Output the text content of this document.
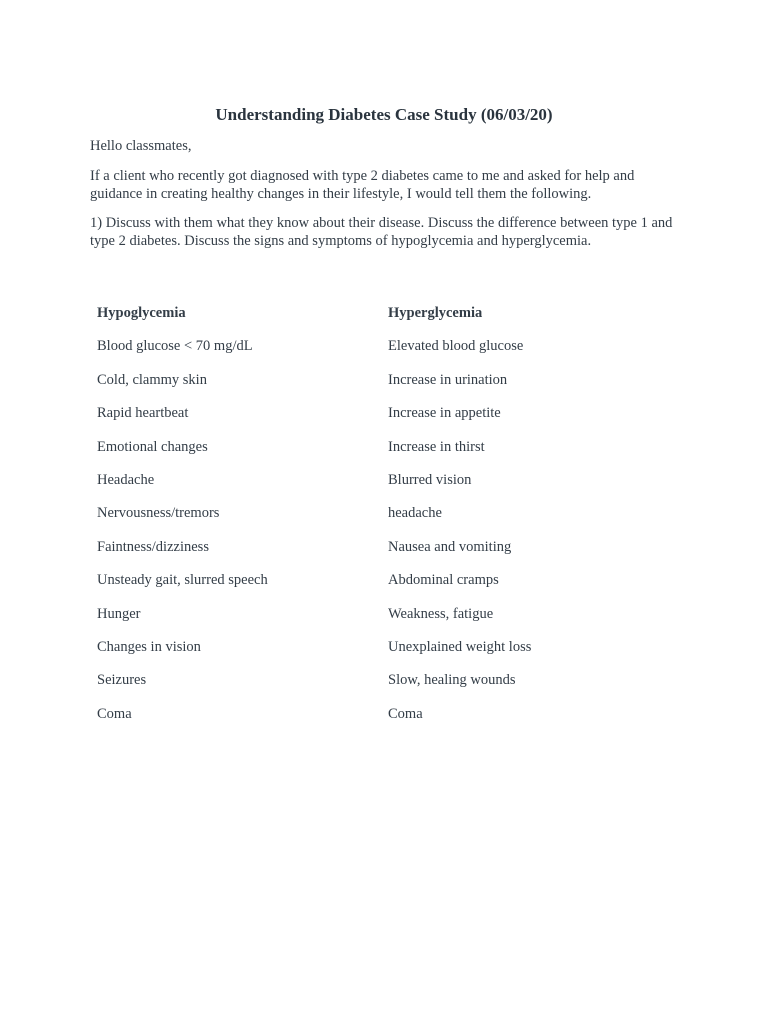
Understanding Diabetes Case Study (06/03/20)

Hello classmates,

If a client who recently got diagnosed with type 2 diabetes came to me and asked for help and guidance in creating healthy changes in their lifestyle, I would tell them the following.

1) Discuss with them what they know about their disease. Discuss the difference between type 1 and type 2 diabetes. Discuss the signs and symptoms of hypoglycemia and hyperglycemia.

Hypoglycemia	Hyperglycemia
Blood glucose < 70 mg/dL	Elevated blood glucose
Cold, clammy skin	Increase in urination
Rapid heartbeat	Increase in appetite
Emotional changes	Increase in thirst
Headache	Blurred vision
Nervousness/tremors	headache
Faintness/dizziness	Nausea and vomiting
Unsteady gait, slurred speech	Abdominal cramps
Hunger	Weakness, fatigue
Changes in vision	Unexplained weight loss
Seizures	Slow, healing wounds
Coma	Coma
